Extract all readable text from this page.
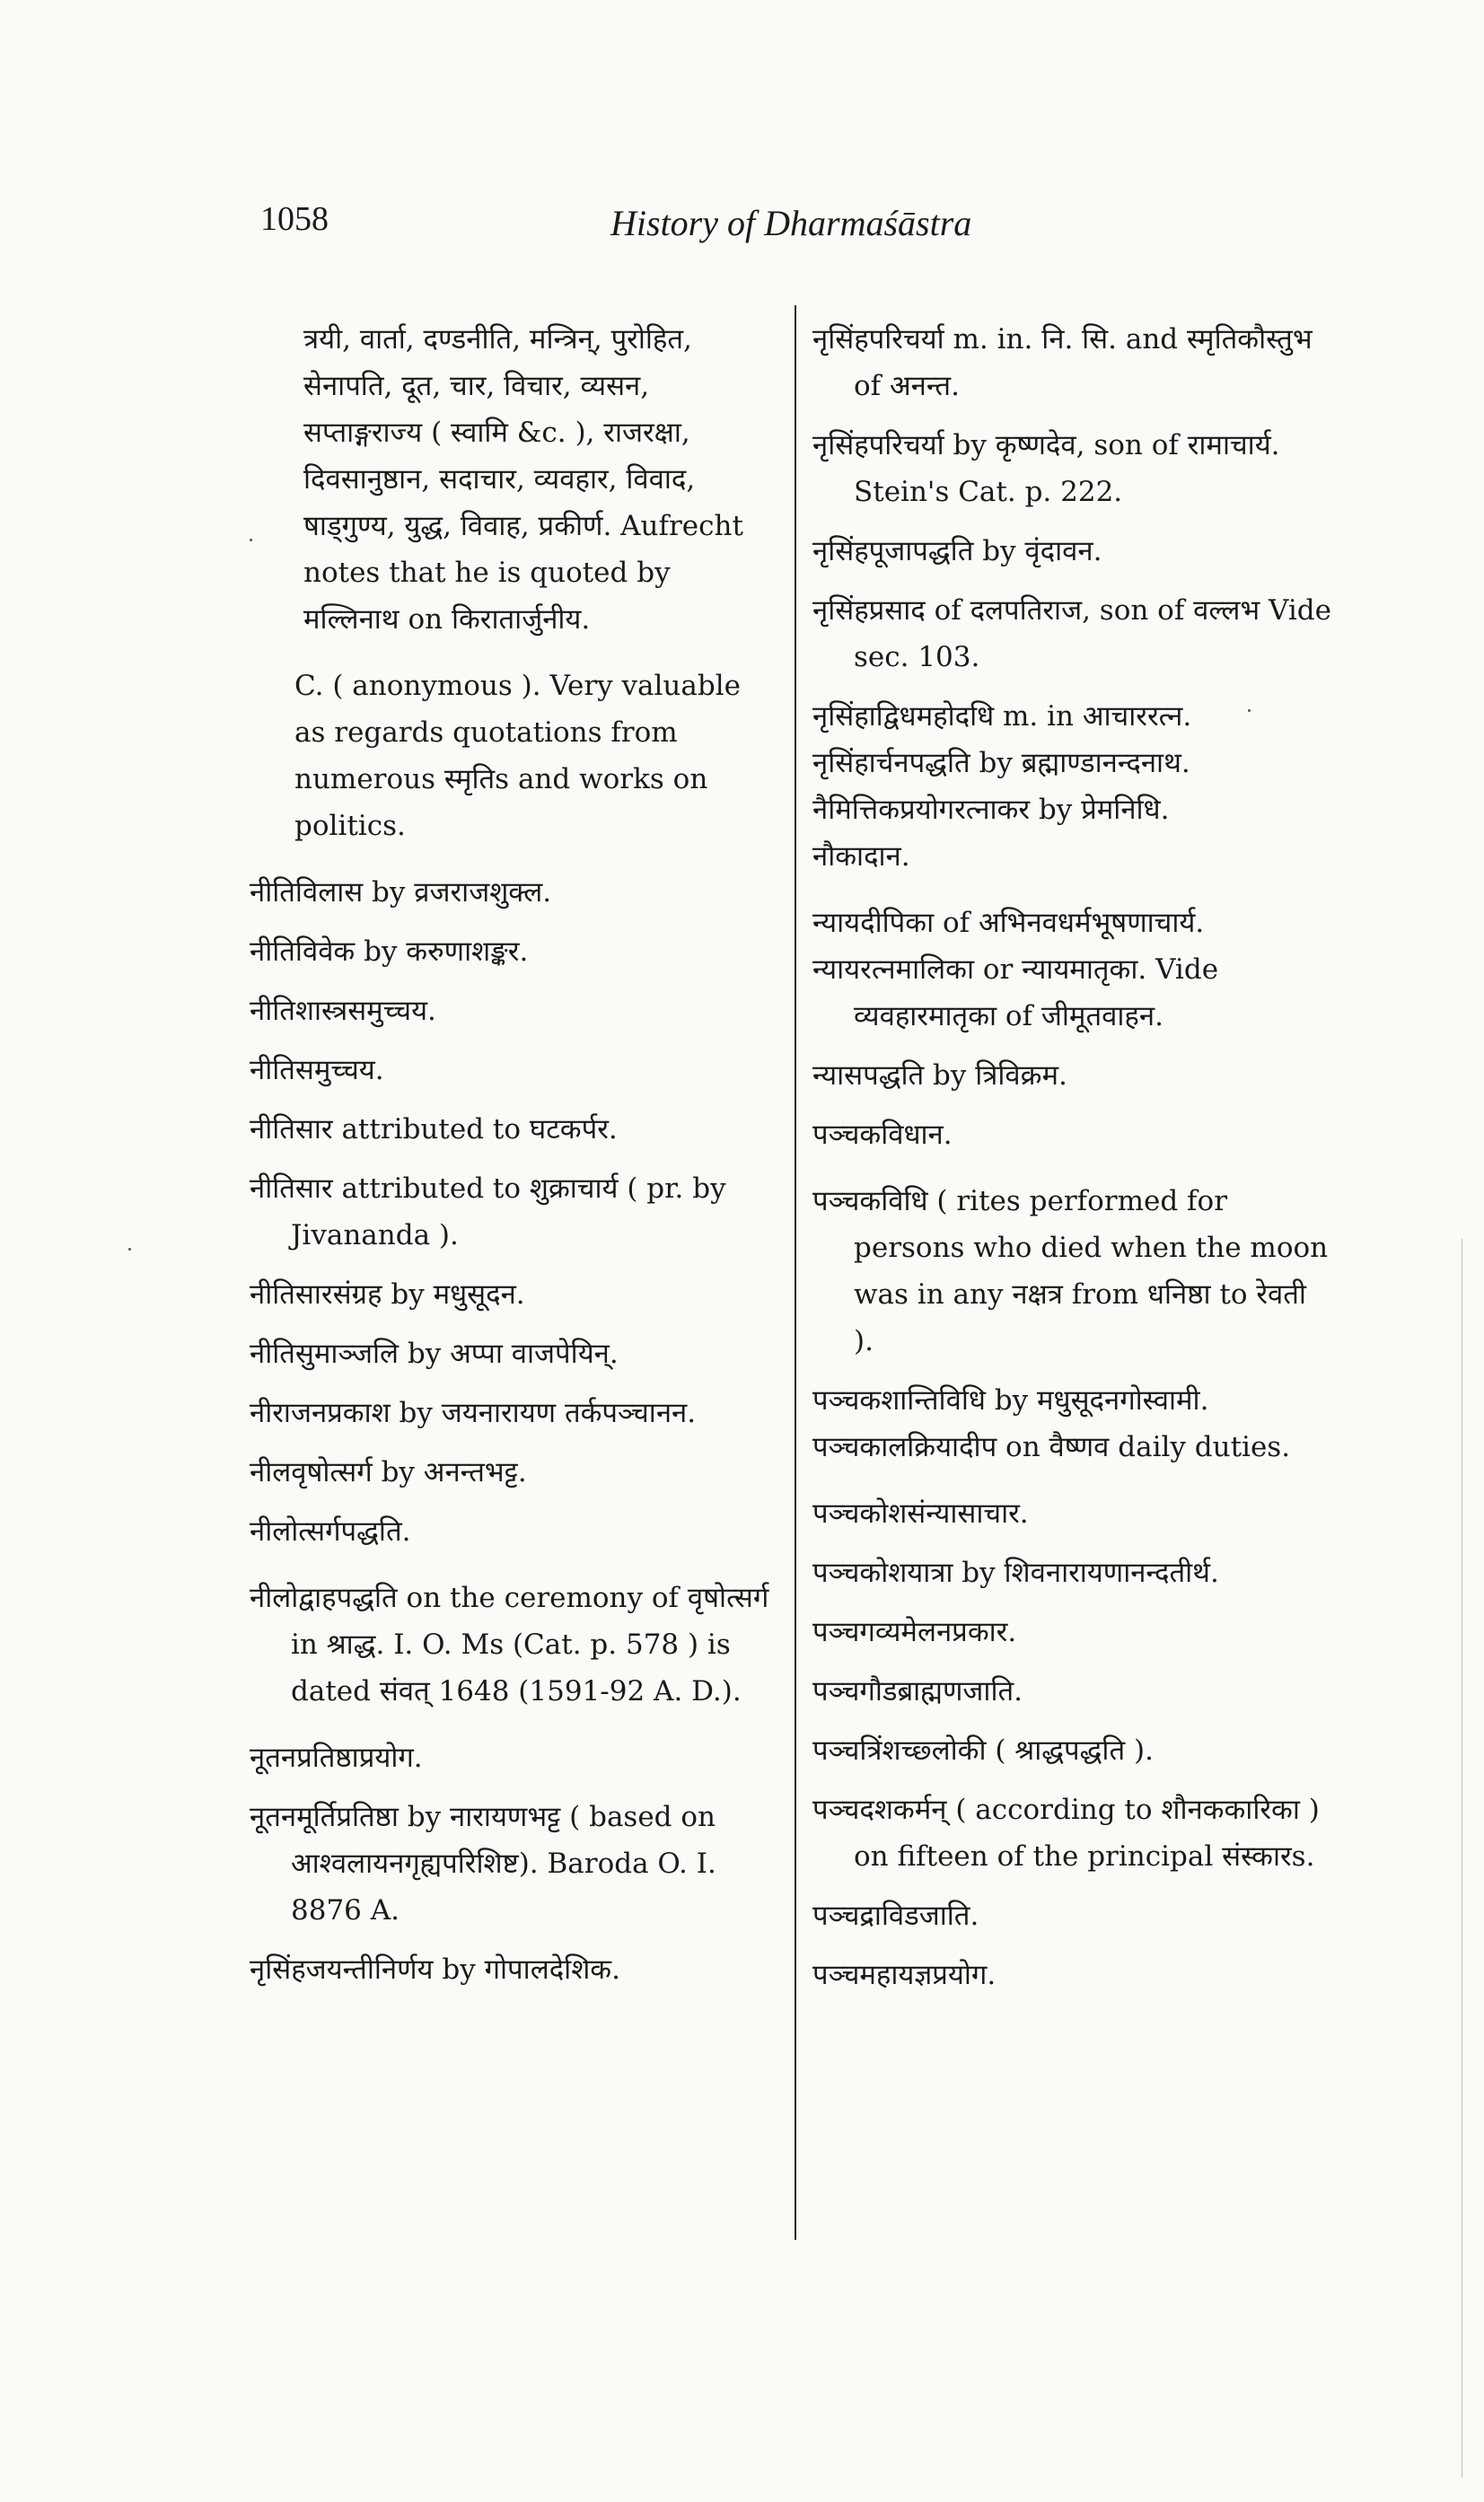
1058	History of Dharmaśāstra
त्रयी, वार्ता, दण्डनीति, मन्त्रिन्, पुरोहित, सेनापति, दूत, चार, विचार, व्यसन, सप्ताङ्गराज्य ( स्वामि &c. ), राजरक्षा, दिवसानुष्ठान, सदाचार, व्यवहार, विवाद, षाड्गुण्य, युद्ध, विवाह, प्रकीर्ण. Aufrecht notes that he is quoted by मल्लिनाथ on किरातार्जुनीय.
C. ( anonymous ). Very valuable as regards quotations from numerous स्मृतिs and works on politics.
नीतिविलास by व्रजराजशुक्ल.
नीतिविवेक by करुणाशङ्कर.
नीतिशास्त्रसमुच्चय.
नीतिसमुच्चय.
नीतिसार attributed to घटकर्पर.
नीतिसार attributed to शुक्राचार्य ( pr. by Jivananda ).
नीतिसारसंग्रह by मधुसूदन.
नीतिसुमाञ्जलि by अप्पा वाजपेयिन्.
नीराजनप्रकाश by जयनारायण तर्कपञ्चानन.
नीलवृषोत्सर्ग by अनन्तभट्ट.
नीलोत्सर्गपद्धति.
नीलोद्वाहपद्धति on the ceremony of वृषोत्सर्ग in श्राद्ध. I. O. Ms (Cat. p. 578 ) is dated संवत् 1648 (1591-92 A. D.).
नूतनप्रतिष्ठाप्रयोग.
नूतनमूर्तिप्रतिष्ठा by नारायणभट्ट ( based on आश्वलायनगृह्यपरिशिष्ट). Baroda O. I. 8876 A.
नृसिंहजयन्तीनिर्णय by गोपालदेशिक.
नृसिंहपरिचर्या m. in. नि. सि. and स्मृतिकौस्तुभ of अनन्त.
नृसिंहपरिचर्या by कृष्णदेव, son of रामाचार्य. Stein's Cat. p. 222.
नृसिंहपूजापद्धति by वृंदावन.
नृसिंहप्रसाद of दलपतिराज, son of वल्लभ Vide sec. 103.
नृसिंहाद्विधमहोदधि m. in आचाररत्न.
नृसिंहार्चनपद्धति by ब्रह्माण्डानन्दनाथ.
नैमित्तिकप्रयोगरत्नाकर by प्रेमनिधि.
नौकादान.
न्यायदीपिका of अभिनवधर्मभूषणाचार्य.
न्यायरत्नमालिका or न्यायमातृका. Vide व्यवहारमातृका of जीमूतवाहन.
न्यासपद्धति by त्रिविक्रम.
पञ्चकविधान.
पञ्चकविधि ( rites performed for persons who died when the moon was in any नक्षत्र from धनिष्ठा to रेवती ).
पञ्चकशान्तिविधि by मधुसूदनगोस्वामी.
पञ्चकालक्रियादीप on वैष्णव daily duties.
पञ्चकोशसंन्यासाचार.
पञ्चकोशयात्रा by शिवनारायणानन्दतीर्थ.
पञ्चगव्यमेलनप्रकार.
पञ्चगौडब्राह्मणजाति.
पञ्चत्रिंशच्छ्लोकी ( श्राद्धपद्धति ).
पञ्चदशकर्मन् ( according to शौनककारिका ) on fifteen of the principal संस्कारs.
पञ्चद्राविडजाति.
पञ्चमहायज्ञप्रयोग.
